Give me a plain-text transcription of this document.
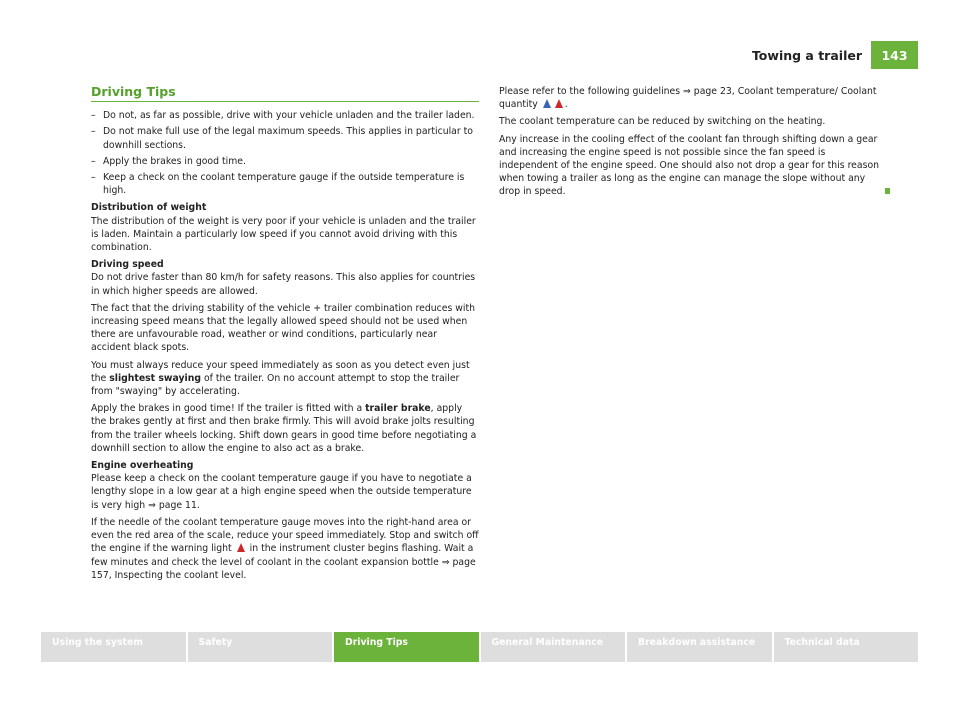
Towing a trailer	143
Driving Tips
– Do not, as far as possible, drive with your vehicle unladen and the trailer laden.
– Do not make full use of the legal maximum speeds. This applies in particular to downhill sections.
– Apply the brakes in good time.
– Keep a check on the coolant temperature gauge if the outside temperature is high.

Distribution of weight

The distribution of the weight is very poor if your vehicle is unladen and the trailer is laden. Maintain a particularly low speed if you cannot avoid driving with this combination.

Driving speed

Do not drive faster than 80 km/h for safety reasons. This also applies for countries in which higher speeds are allowed.

The fact that the driving stability of the vehicle + trailer combination reduces with increasing speed means that the legally allowed speed should not be used when there are unfavourable road, weather or wind conditions, particularly near accident black spots.

You must always reduce your speed immediately as soon as you detect even just the slightest swaying of the trailer. On no account attempt to stop the trailer from "swaying" by accelerating.

Apply the brakes in good time! If the trailer is fitted with a trailer brake, apply the brakes gently at first and then brake firmly. This will avoid brake jolts resulting from the trailer wheels locking. Shift down gears in good time before negotiating a downhill section to allow the engine to also act as a brake.

Engine overheating

Please keep a check on the coolant temperature gauge if you have to negotiate a lengthy slope in a low gear at a high engine speed when the outside temperature is very high ⇒ page 11.

If the needle of the coolant temperature gauge moves into the right-hand area or even the red area of the scale, reduce your speed immediately. Stop and switch off the engine if the warning light in the instrument cluster begins flashing. Wait a few minutes and check the level of coolant in the coolant expansion bottle ⇒ page 157, Inspecting the coolant level.

Please refer to the following guidelines ⇒ page 23, Coolant temperature/ Coolant quantity	.

The coolant temperature can be reduced by switching on the heating.

Any increase in the cooling effect of the coolant fan through shifting down a gear and increasing the engine speed is not possible since the fan speed is independent of the engine speed. One should also not drop a gear for this reason when towing a trailer as long as the engine can manage the slope without any drop in speed.

Using the system	Safety	Driving Tips	General Maintenance	Breakdown assistance	Technical data
